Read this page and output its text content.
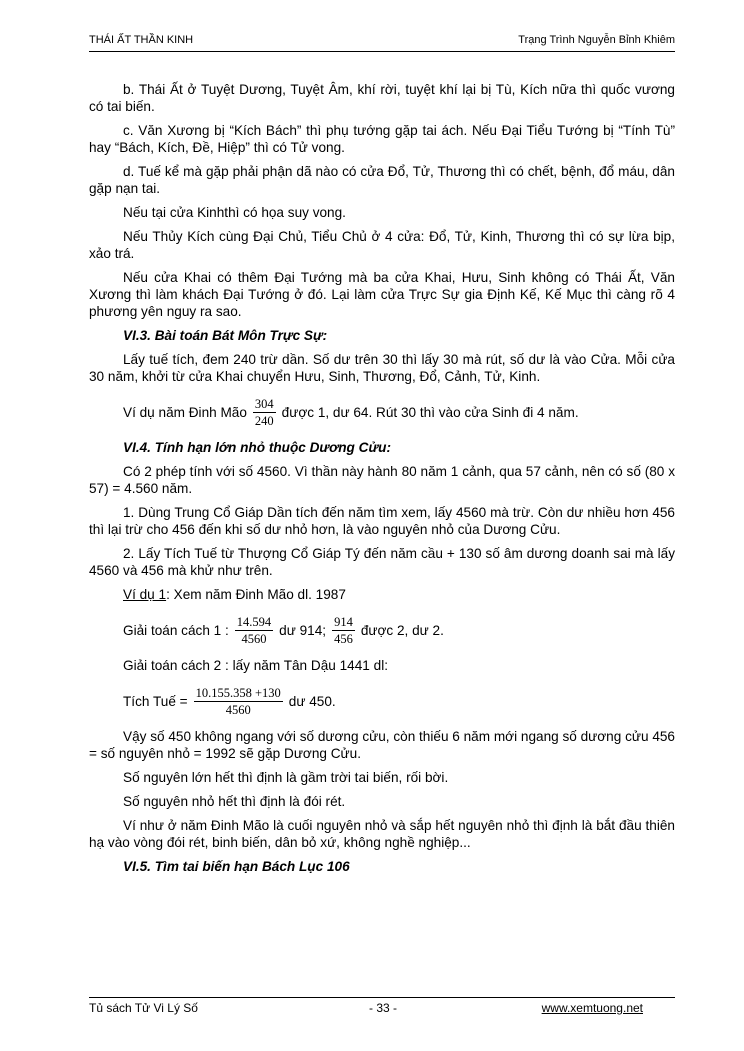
THÁI ẤT THẦN KINH	Trạng Trình Nguyễn Bỉnh Khiêm

b. Thái Ất ở Tuyệt Dương, Tuyệt Âm, khí rời, tuyệt khí lại bị Tù, Kích nữa thì quốc vương có tai biến.

c. Văn Xương bị “Kích Bách” thì phụ tướng gặp tai ách. Nếu Đại Tiểu Tướng bị “Tính Tù” hay “Bách, Kích, Đề, Hiệp” thì có Tử vong.

d. Tuế kể mà gặp phải phận dã nào có cửa Đổ, Tử, Thương thì có chết, bệnh, đổ máu, dân gặp nạn tai.

Nếu tại cửa Kinhthì có họa suy vong.

Nếu Thủy Kích cùng Đại Chủ, Tiểu Chủ ở 4 cửa: Đổ, Tử, Kinh, Thương thì có sự lừa bịp, xảo trá.

Nếu cửa Khai có thêm Đại Tướng mà ba cửa Khai, Hưu, Sinh không có Thái Ất, Văn Xương thì làm khách Đại Tướng ở đó. Lại làm cửa Trực Sự gia Định Kế, Kế Mục thì càng rõ 4 phương yên nguy ra sao.

VI.3. Bài toán Bát Môn Trực Sự:

Lấy tuế tích, đem 240 trừ dần. Số dư trên 30 thì lấy 30 mà rút, số dư là vào Cửa. Mỗi cửa 30 năm, khởi từ cửa Khai chuyển Hưu, Sinh, Thương, Đổ, Cảnh, Tử, Kinh.

Ví dụ năm Đinh Mão $\frac{304}{240}$ được 1, dư 64. Rút 30 thì vào cửa Sinh đi 4 năm.

VI.4. Tính hạn lớn nhỏ thuộc Dương Cửu:

Có 2 phép tính với số 4560. Vì thần này hành 80 năm 1 cảnh, qua 57 cảnh, nên có số (80 x 57) = 4.560 năm.

1. Dùng Trung Cổ Giáp Dần tích đến năm tìm xem, lấy 4560 mà trừ. Còn dư nhiều hơn 456 thì lại trừ cho 456 đến khi số dư nhỏ hơn, là vào nguyên nhỏ của Dương Cửu.

2. Lấy Tích Tuế từ Thượng Cổ Giáp Tý đến năm cầu + 130 số âm dương doanh sai mà lấy 4560 và 456 mà khử như trên.

Ví dụ 1: Xem năm Đinh Mão dl. 1987

Giải toán cách 1 : $\frac{14.594}{4560}$ dư 914; $\frac{914}{456}$ được 2, dư 2.

Giải toán cách 2 : lấy năm Tân Dậu 1441 dl:

Tích Tuế = $\frac{10.155.358 +130}{4560}$ dư 450.

Vậy số 450 không ngang với số dương cửu, còn thiếu 6 năm mới ngang số dương cửu 456 = số nguyên nhỏ = 1992 sẽ gặp Dương Cửu.

Số nguyên lớn hết thì định là gầm trời tai biến, rối bời.

Số nguyên nhỏ hết thì định là đói rét.

Ví như ở năm Đinh Mão là cuối nguyên nhỏ và sắp hết nguyên nhỏ thì định là bắt đầu thiên hạ vào vòng đói rét, binh biến, dân bỏ xứ, không nghề nghiệp...

VI.5. Tìm tai biến hạn Bách Lục 106

Tủ sách Tử Vi Lý Số	- 33 -	www.xemtuong.net
